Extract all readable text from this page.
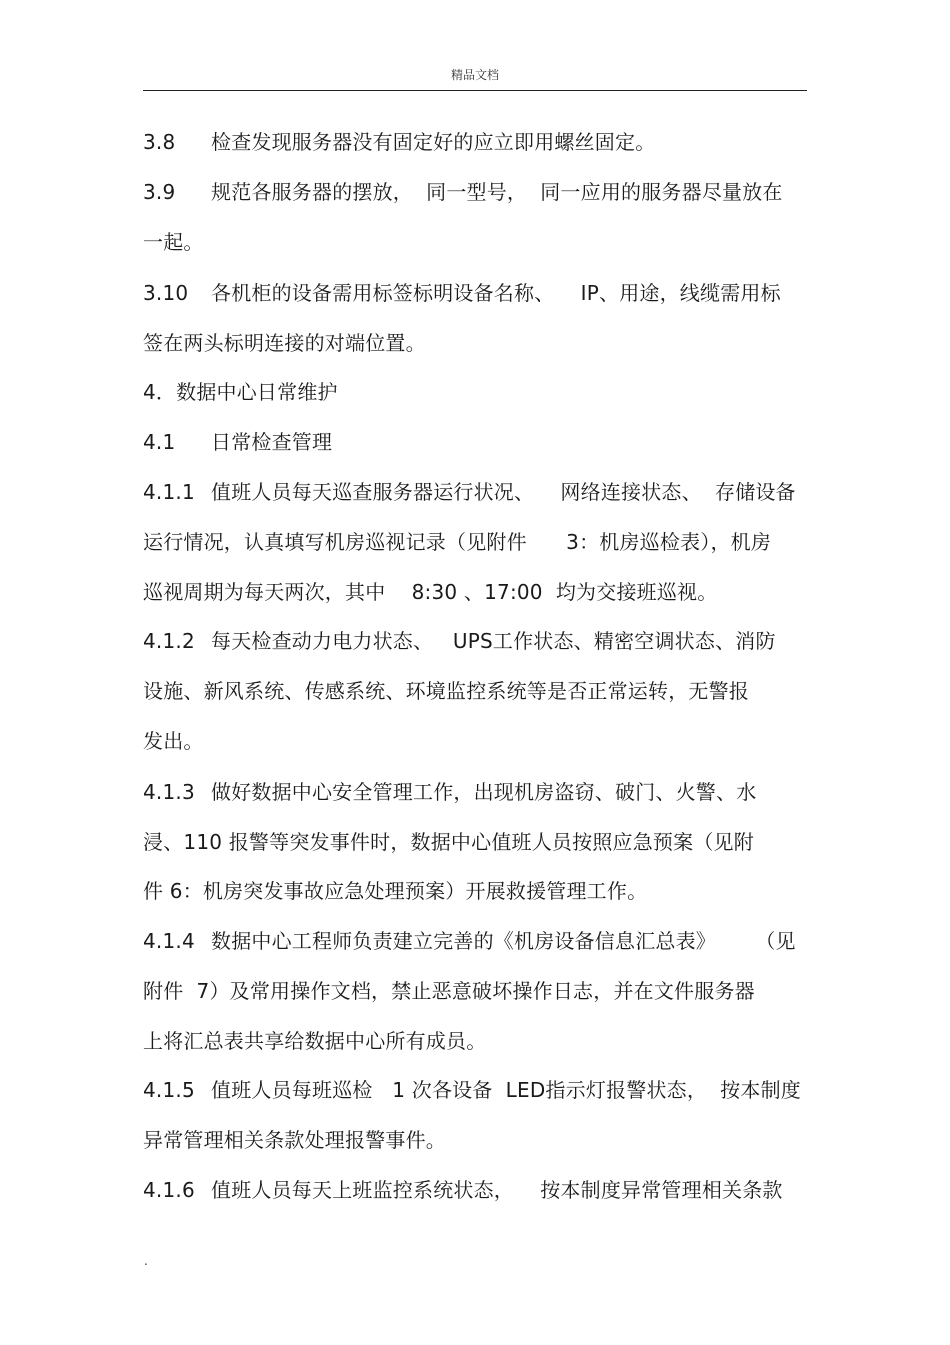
精品文档
3.8 检查发现服务器没有固定好的应立即用螺丝固定。
3.9 规范各服务器的摆放，  同一型号，  同一应用的服务器尽量放在
一起。
3.10 各机柜的设备需用标签标明设备名称、    IP、用途，线缆需用标
签在两头标明连接的对端位置。
4．数据中心日常维护
4.1 日常检查管理
4.1.1 值班人员每天巡查服务器运行状况、    网络连接状态、  存储设备
运行情况，认真填写机房巡视记录（见附件      3：机房巡检表），机房
巡视周期为每天两次，其中    8:30 、17:00  均为交接班巡视。
4.1.2 每天检查动力电力状态、   UPS工作状态、精密空调状态、消防
设施、新风系统、传感系统、环境监控系统等是否正常运转，无警报
发出。
4.1.3 做好数据中心安全管理工作，出现机房盗窃、破门、火警、水
浸、110 报警等突发事件时，数据中心值班人员按照应急预案（见附
件 6：机房突发事故应急处理预案）开展救援管理工作。
4.1.4 数据中心工程师负责建立完善的《机房设备信息汇总表》      （见
附件  7）及常用操作文档，禁止恶意破坏操作日志，并在文件服务器
上将汇总表共享给数据中心所有成员。
4.1.5 值班人员每班巡检   1 次各设备  LED指示灯报警状态，  按本制度
异常管理相关条款处理报警事件。
4.1.6 值班人员每天上班监控系统状态，    按本制度异常管理相关条款
.
